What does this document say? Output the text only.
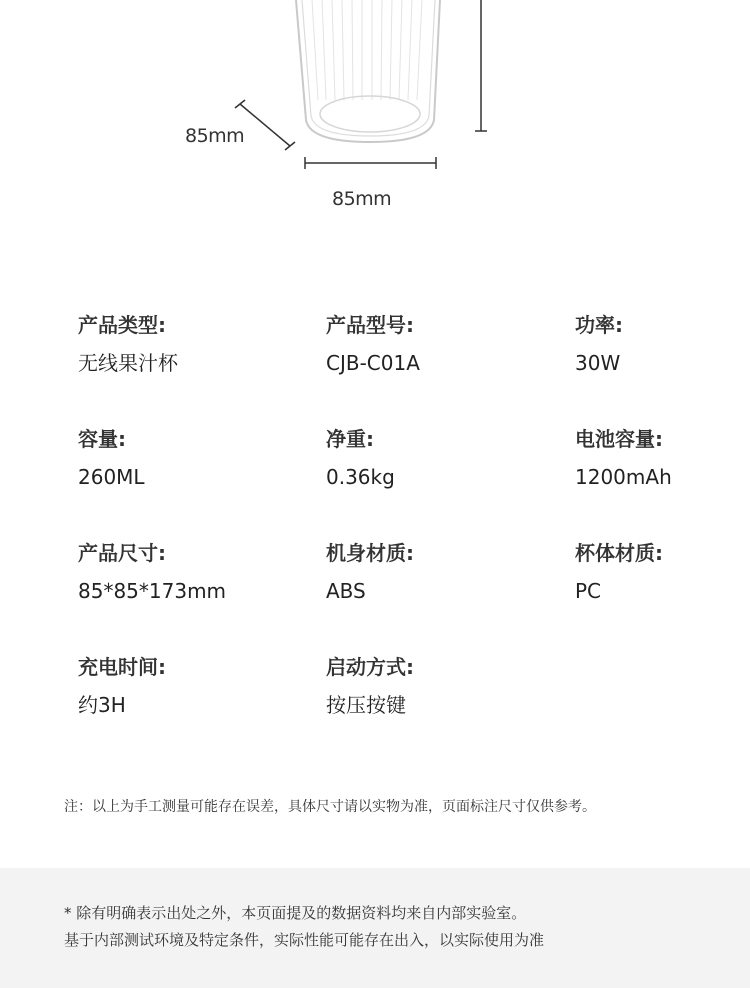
85mm
85mm
产品类型:
无线果汁杯
产品型号:
CJB-C01A
功率:
30W
容量:
260ML
净重:
0.36kg
电池容量:
1200mAh
产品尺寸:
85*85*173mm
机身材质:
ABS
杯体材质:
PC
充电时间:
约3H
启动方式:
按压按键
注：以上为手工测量可能存在误差，具体尺寸请以实物为准，页面标注尺寸仅供参考。
* 除有明确表示出处之外，本页面提及的数据资料均来自内部实验室。
基于内部测试环境及特定条件，实际性能可能存在出入，以实际使用为准
